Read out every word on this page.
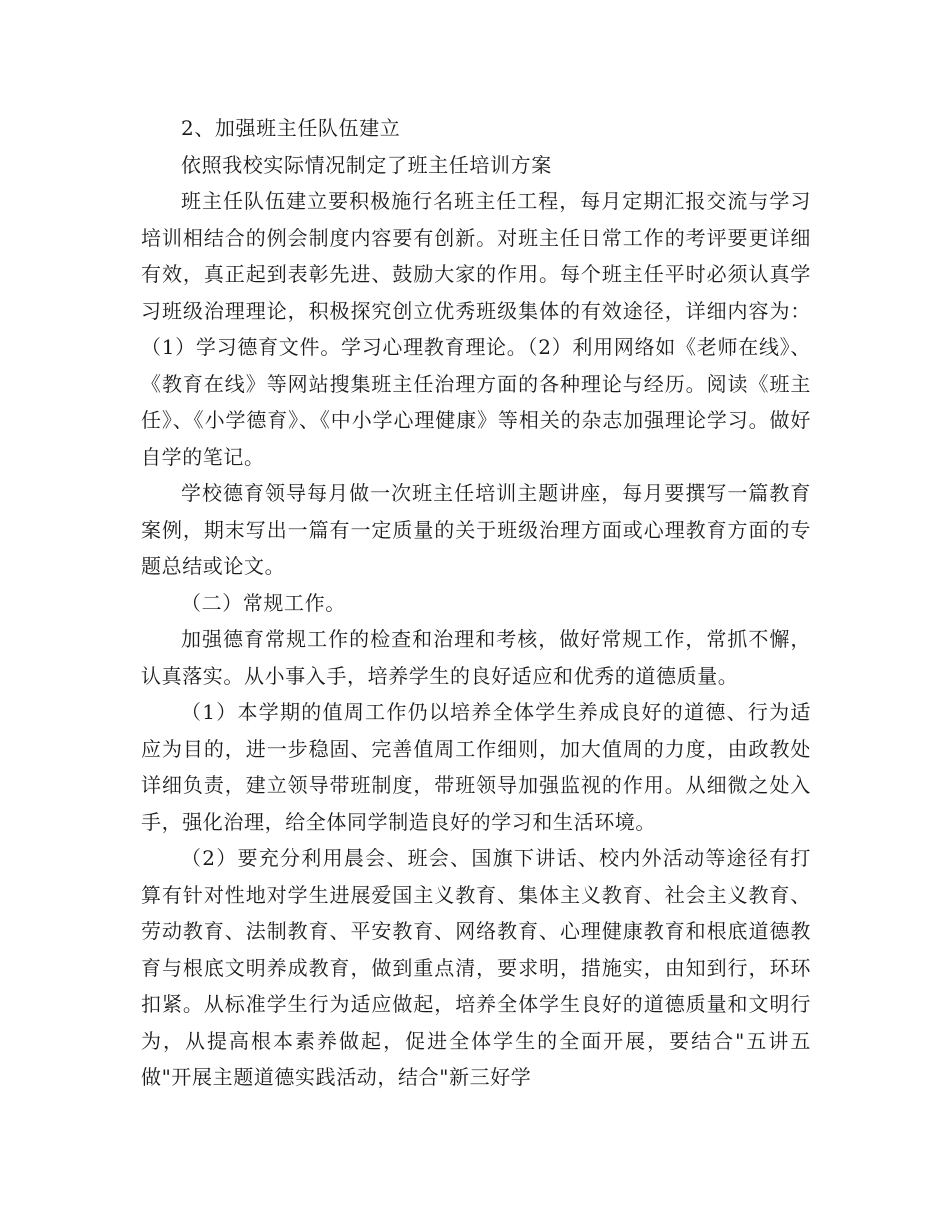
2、加强班主任队伍建立

依照我校实际情况制定了班主任培训方案

班主任队伍建立要积极施行名班主任工程，每月定期汇报交流与学习培训相结合的例会制度内容要有创新。对班主任日常工作的考评要更详细有效，真正起到表彰先进、鼓励大家的作用。每个班主任平时必须认真学习班级治理理论，积极探究创立优秀班级集体的有效途径，详细内容为：（1）学习德育文件。学习心理教育理论。（2）利用网络如《老师在线》、《教育在线》等网站搜集班主任治理方面的各种理论与经历。阅读《班主任》、《小学德育》、《中小学心理健康》等相关的杂志加强理论学习。做好自学的笔记。

学校德育领导每月做一次班主任培训主题讲座，每月要撰写一篇教育案例，期末写出一篇有一定质量的关于班级治理方面或心理教育方面的专题总结或论文。

（二）常规工作。

加强德育常规工作的检查和治理和考核，做好常规工作，常抓不懈，认真落实。从小事入手，培养学生的良好适应和优秀的道德质量。

（1）本学期的值周工作仍以培养全体学生养成良好的道德、行为适应为目的，进一步稳固、完善值周工作细则，加大值周的力度，由政教处详细负责，建立领导带班制度，带班领导加强监视的作用。从细微之处入手，强化治理，给全体同学制造良好的学习和生活环境。

（2）要充分利用晨会、班会、国旗下讲话、校内外活动等途径有打算有针对性地对学生进展爱国主义教育、集体主义教育、社会主义教育、劳动教育、法制教育、平安教育、网络教育、心理健康教育和根底道德教育与根底文明养成教育，做到重点清，要求明，措施实，由知到行，环环扣紧。从标准学生行为适应做起，培养全体学生良好的道德质量和文明行为，从提高根本素养做起，促进全体学生的全面开展，要结合"五讲五做"开展主题道德实践活动，结合"新三好学
